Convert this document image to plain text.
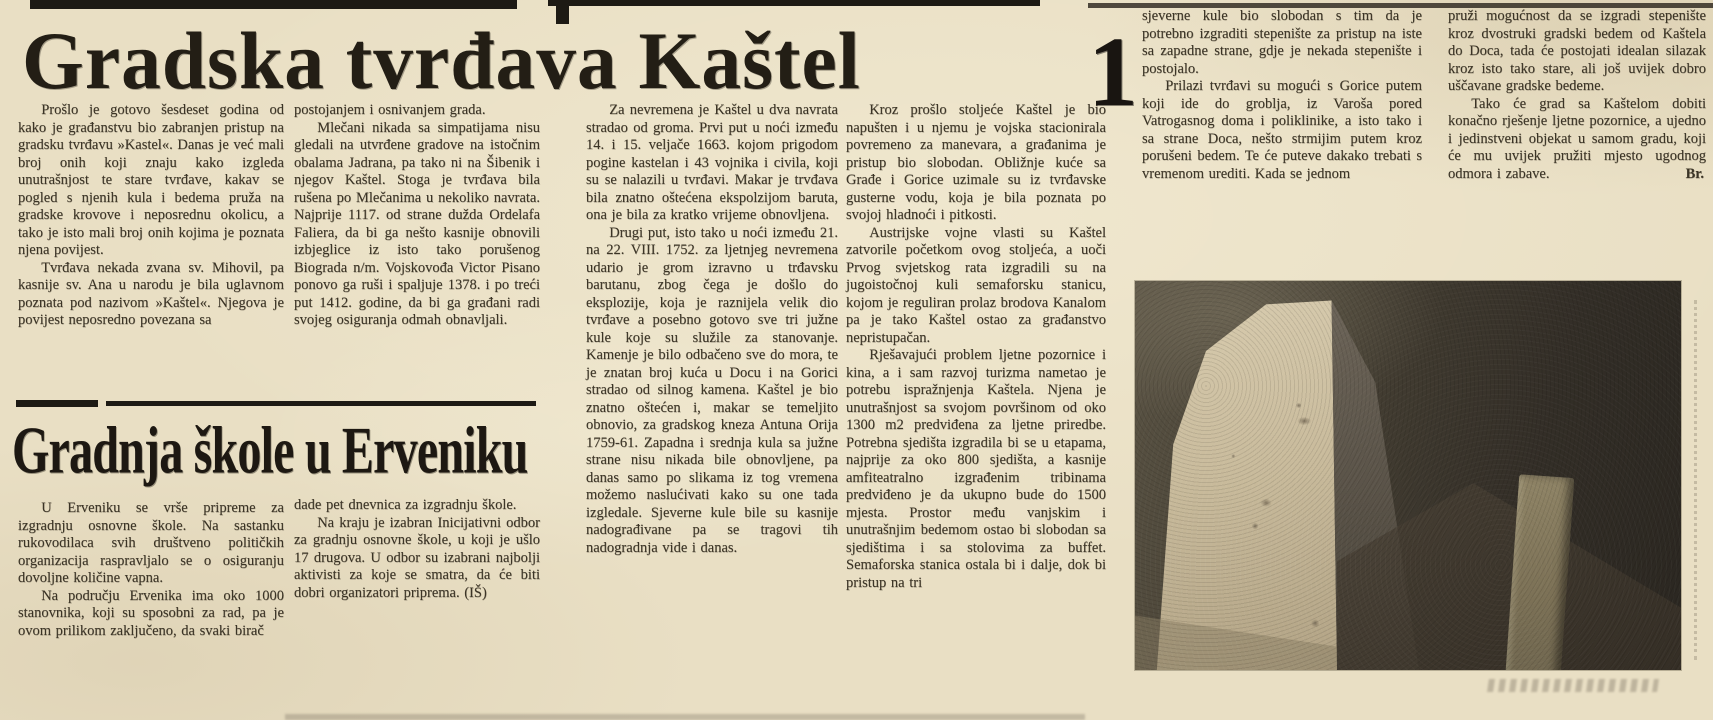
Gradska tvrđava Kaštel

Prošlo je gotovo šesdeset godina od kako je građanstvu bio zabranjen pristup na gradsku tvrđavu »Kastel«. Danas je već mali broj onih koji znaju kako izgleda unutrašnjost te stare tvrđave, kakav se pogled s njenih kula i bedema pruža na gradske krovove i neposrednu okolicu, a tako je isto mali broj onih kojima je poznata njena povijest.

Tvrđava nekada zvana sv. Mihovil, pa kasnije sv. Ana u narodu je bila uglavnom poznata pod nazivom »Kaštel«. Njegova je povijest neposredno povezana sa

postojanjem i osnivanjem grada.

Mlečani nikada sa simpatijama nisu gledali na utvrđene gradove na istočnim obalama Jadrana, pa tako ni na Šibenik i njegov Kaštel. Stoga je tvrđava bila rušena po Mlečanima u nekoliko navrata. Najprije 1117. od strane dužda Ordelafa Faliera, da bi ga nešto kasnije obnovili izbjeglice iz isto tako porušenog Biograda n/m. Vojskovođa Victor Pisano ponovo ga ruši i spaljuje 1378. i po treći put 1412. godine, da bi ga građani radi svojeg osiguranja odmah obnavljali.

Za nevremena je Kaštel u dva navrata stradao od groma. Prvi put u noći između 14. i 15. veljače 1663. kojom prigodom pogine kastelan i 43 vojnika i civila, koji su se nalazili u tvrđavi. Makar je trvđava bila znatno oštećena ekspolzijom baruta, ona je bila za kratko vrijeme obnovljena.

Drugi put, isto tako u noći između 21. na 22. VIII. 1752. za ljetnjeg nevremena udario je grom izravno u trđavsku barutanu, zbog čega je došlo do eksplozije, koja je raznijela velik dio tvrđave a posebno gotovo sve tri južne kule koje su služile za stanovanje. Kamenje je bilo odbačeno sve do mora, te je znatan broj kuća u Docu i na Gorici stradao od silnog kamena. Kaštel je bio znatno oštećen i, makar se temeljito obnovio, za gradskog kneza Antuna Orija 1759-61. Zapadna i srednja kula sa južne strane nisu nikada bile obnovljene, pa danas samo po slikama iz tog vremena možemo naslućivati kako su one tada izgledale. Sjeverne kule bile su kasnije nadograđivane pa se tragovi tih nadogradnja vide i danas.

Kroz prošlo stoljeće Kaštel je bio napušten i u njemu je vojska stacionirala povremeno za manevara, a građanima je pristup bio slobodan. Obližnje kuće sa Građe i Gorice uzimale su iz tvrđavske gusterne vodu, koja je bila poznata po svojoj hladnoći i pitkosti.

Austrijske vojne vlasti su Kaštel zatvorile početkom ovog stoljeća, a uoči Prvog svjetskog rata izgradili su na jugoistočnoj kuli semaforsku stanicu, kojom je reguliran prolaz brodova Kanalom pa je tako Kaštel ostao za građanstvo nepristupačan.

Rješavajući problem ljetne pozornice i kina, a i sam razvoj turizma nametao je potrebu ispražnjenja Kaštela. Njena je unutrašnjost sa svojom površinom od oko 1300 m2 predviđena za ljetne priredbe. Potrebna sjedišta izgradila bi se u etapama, najprije za oko 800 sjedišta, a kasnije amfiteatralno izgrađenim tribinama predviđeno je da ukupno bude do 1500 mjesta. Prostor među vanjskim i unutrašnjim bedemom ostao bi slobodan sa sjedištima i sa stolovima za buffet. Semaforska stanica ostala bi i dalje, dok bi pristup na tri

1 sjeverne kule bio slobodan s tim da je potrebno izgraditi stepenište za pristup na iste sa zapadne strane, gdje je nekada stepenište i postojalo.

Prilazi tvrđavi su mogući s Gorice putem koji ide do groblja, iz Varoša pored Vatrogasnog doma i poliklinike, a isto tako i sa strane Doca, nešto strmijim putem kroz porušeni bedem. Te će puteve dakako trebati s vremenom urediti. Kada se jednom

pruži mogućnost da se izgradi stepenište kroz dvostruki gradski bedem od Kaštela do Doca, tada će postojati idealan silazak kroz isto tako stare, ali još uvijek dobro uščavane gradske bedeme.

Tako će grad sa Kaštelom dobiti konačno rješenje ljetne pozornice, a ujedno i jedinstveni objekat u samom gradu, koji će mu uvijek pružiti mjesto ugodnog odmora i zabave.	Br.
Gradnja škole u Erveniku

U Erveniku se vrše pripreme za izgradnju osnovne škole. Na sastanku rukovodilaca svih društveno političkih organizacija raspravljalo se o osiguranju dovoljne količine vapna.

Na području Ervenika ima oko 1000 stanovnika, koji su sposobni za rad, pa je ovom prilikom zaključeno, da svaki birač

dade pet dnevnica za izgradnju škole.

Na kraju je izabran Inicijativni odbor za gradnju osnovne škole, u koji je ušlo 17 drugova. U odbor su izabrani najbolji aktivisti za koje se smatra, da će biti dobri organizatori priprema. (IŠ)
